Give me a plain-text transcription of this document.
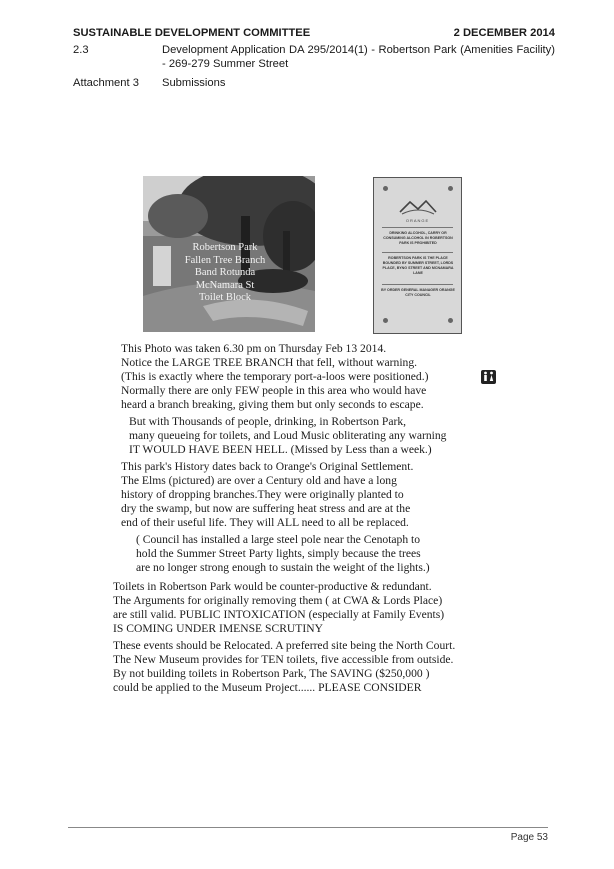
SUSTAINABLE DEVELOPMENT COMMITTEE	2 DECEMBER 2014
2.3	Development Application DA 295/2014(1) - Robertson Park (Amenities Facility) - 269-279 Summer Street
Attachment 3 Submissions
Robertson Park
Fallen Tree Branch
Band Rotunda
McNamara St
Toilet Block
ORANGE
DRINKING ALCOHOL, CARRY OR CONSUMING ALCOHOL IN ROBERTSON PARK IS PROHIBITED
ROBERTSON PARK IS THE PLACE BOUNDED BY SUMMER STREET, LORDS PLACE, BYNG STREET AND MCNAMARA LANE
BY ORDER GENERAL MANAGER ORANGE CITY COUNCIL
This Photo was taken 6.30 pm on Thursday Feb 13 2014.
Notice the LARGE TREE BRANCH that fell, without warning.
(This is exactly where the temporary port-a-loos were positioned.)
Normally there are only FEW people in this area who would have
heard a branch breaking, giving them but only seconds to escape.
But with Thousands of people, drinking, in Robertson Park,
many queueing for toilets, and Loud Music obliterating any warning
IT WOULD HAVE BEEN HELL. (Missed by Less than a week.)
This park's History dates back to Orange's Original Settlement.
The Elms (pictured) are over a Century old and have a long
history of dropping branches.They were originally planted to
dry the swamp, but now are suffering heat stress and are at the
end of their useful life. They will ALL need to all be replaced.
( Council has installed a large steel pole near the Cenotaph to
hold the Summer Street Party lights, simply because the trees
are no longer strong enough to sustain the weight of the lights.)
Toilets in Robertson Park would be counter-productive & redundant.
The Arguments for originally removing them ( at CWA & Lords Place)
are still valid. PUBLIC INTOXICATION (especially at Family Events)
IS COMING UNDER IMENSE SCRUTINY
These events should be Relocated. A preferred site being the North Court.
The New Museum provides for TEN toilets, five accessible from outside.
By not building toilets in Robertson Park, The SAVING ($250,000 )
could be applied to the Museum Project...... PLEASE CONSIDER
Page 53
